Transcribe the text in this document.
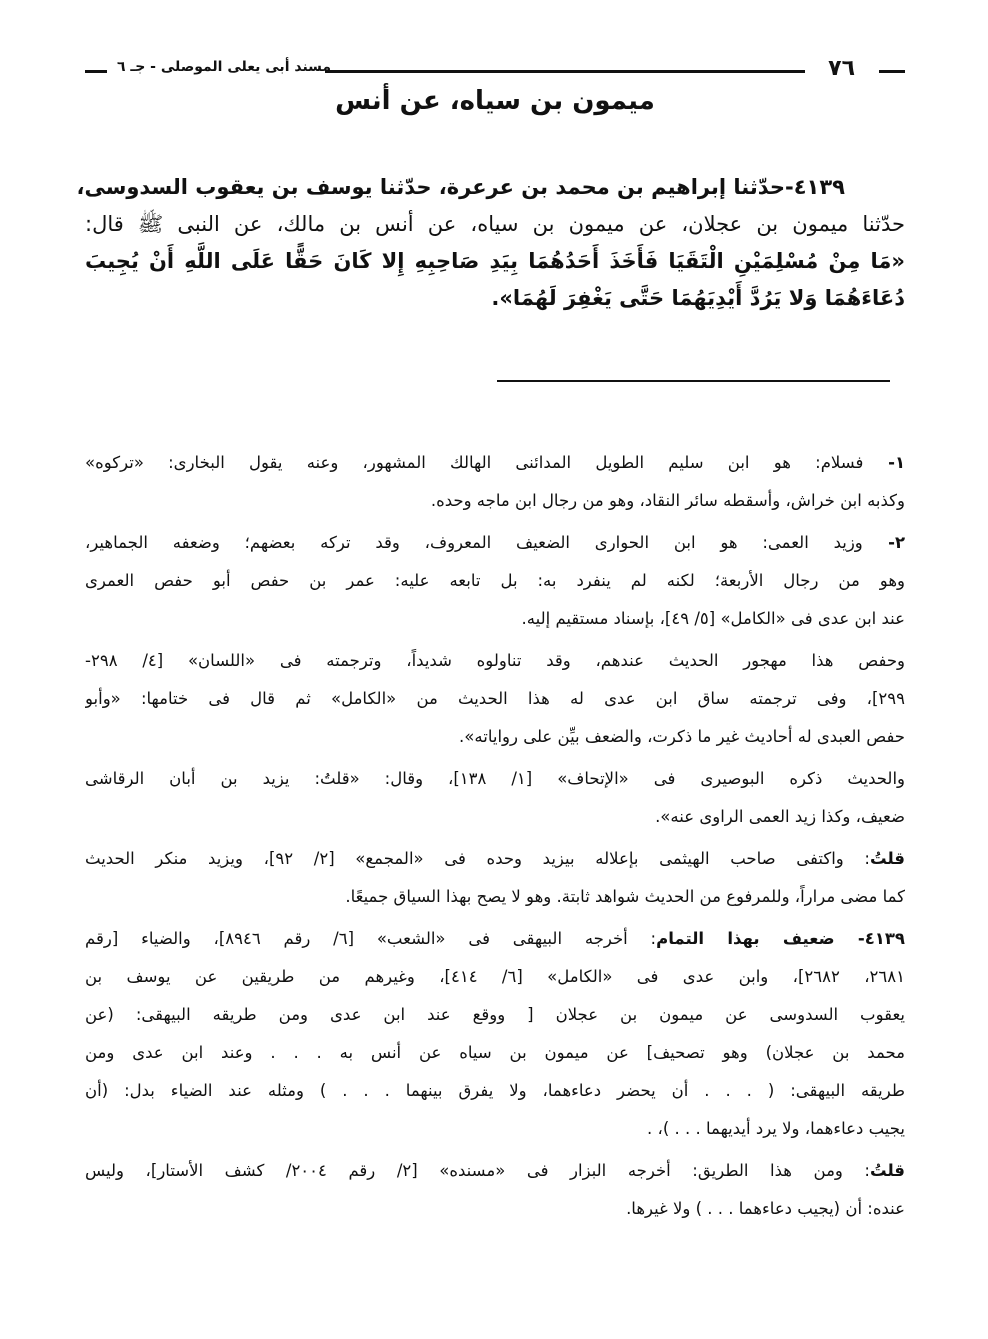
٧٦
مسند أبى يعلى الموصلى - جـ ٦
ميمون بن سياه، عن أنس
٤١٣٩-حدّثنا إبراهيم بن محمد بن عرعرة، حدّثنا يوسف بن يعقوب السدوسى،
حدّثنا ميمون بن عجلان، عن ميمون بن سياه، عن أنس بن مالك، عن النبى ﷺ قال:
«مَا مِنْ مُسْلِمَيْنِ الْتَقَيَا فَأَخَذَ أَحَدُهُمَا بِيَدِ صَاحِبِهِ إِلا كَانَ حَقًّا عَلَى اللَّهِ أَنْ يُجِيبَ
دُعَاءَهُمَا وَلا يَرُدَّ أَيْدِيَهُمَا حَتَّى يَغْفِرَ لَهُمَا».
١- فسلام: هو ابن سليم الطويل المدائنى الهالك المشهور، وعنه يقول البخارى: «تركوه»
وكذبه ابن خراش، وأسقطه سائر النقاد، وهو من رجال ابن ماجه وحده.
٢- وزيد العمى: هو ابن الحوارى الضعيف المعروف، وقد تركه بعضهم؛ وضعفه الجماهير،
وهو من رجال الأربعة؛ لكنه لم ينفرد به: بل تابعه عليه: عمر بن حفص أبو حفص العمرى
عند ابن عدى فى «الكامل» [٥/ ٤٩]، بإسناد مستقيم إليه.
وحفص هذا مهجور الحديث عندهم، وقد تناولوه شديداً، وترجمته فى «اللسان» [٤/ ٢٩٨-
٢٩٩]، وفى ترجمته ساق ابن عدى له هذا الحديث من «الكامل» ثم قال فى ختامها: «وأبو
حفص العبدى له أحاديث غير ما ذكرت، والضعف بيِّن على رواياته».
والحديث ذكره البوصيرى فى «الإتحاف» [١/ ١٣٨]، وقال: «قلتُ: يزيد بن أبان الرقاشى
ضعيف، وكذا زيد العمى الراوى عنه».
قلتُ: واكتفى صاحب الهيثمى بإعلاله بيزيد وحده فى «المجمع» [٢/ ٩٢]، ويزيد منكر الحديث
كما مضى مراراً، وللمرفوع من الحديث شواهد ثابتة. وهو لا يصح بهذا السياق جميعًا.
٤١٣٩- ضعيف بهذا التمام: أخرجه البيهقى فى «الشعب» [٦/ رقم ٨٩٤٦]، والضياء [رقم
٢٦٨١، ٢٦٨٢]، وابن عدى فى «الكامل» [٦/ ٤١٤]، وغيرهم من طريقين عن يوسف بن
يعقوب السدوسى عن ميمون بن عجلان [ ووقع عند ابن عدى ومن طريقه البيهقى: (عن
محمد بن عجلان) وهو تصحيف] عن ميمون بن سياه عن أنس به . . . وعند ابن عدى ومن
طريقه البيهقى: ( . . . أن يحضر دعاءهما، ولا يفرق بينهما . . . ) ومثله عند الضياء بدل: (أن
يجيب دعاءهما، ولا يرد أيديهما . . . )، .
قلتُ: ومن هذا الطريق: أخرجه البزار فى «مسنده» [٢/ رقم ٢٠٠٤/ كشف الأستار]، وليس
عنده: أن (يجيب دعاءهما . . . ) ولا غيرها.
